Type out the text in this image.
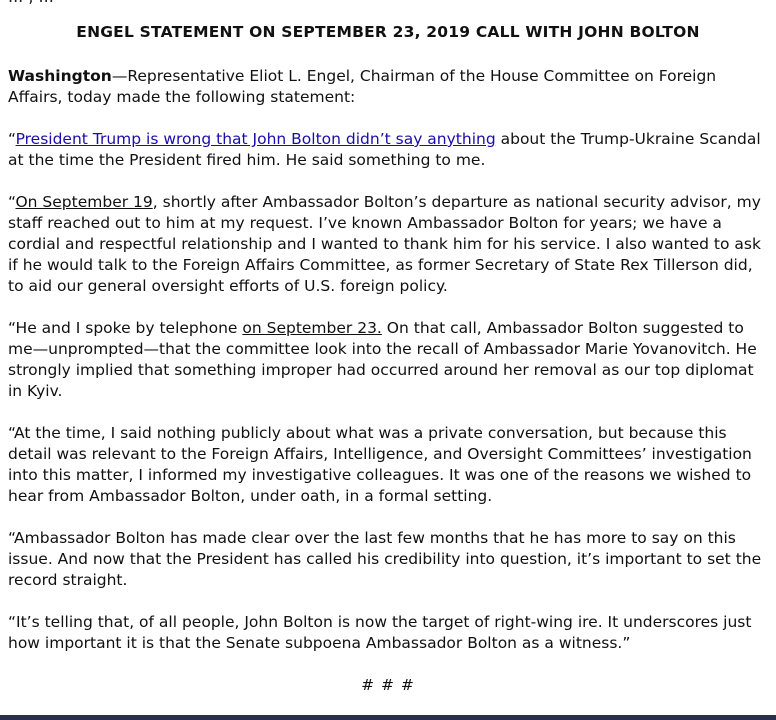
ENGEL STATEMENT ON SEPTEMBER 23, 2019 CALL WITH JOHN BOLTON

Washington—Representative Eliot L. Engel, Chairman of the House Committee on Foreign Affairs, today made the following statement:

“President Trump is wrong that John Bolton didn’t say anything about the Trump-Ukraine Scandal at the time the President fired him. He said something to me.

“On September 19, shortly after Ambassador Bolton’s departure as national security advisor, my staff reached out to him at my request. I’ve known Ambassador Bolton for years; we have a cordial and respectful relationship and I wanted to thank him for his service. I also wanted to ask if he would talk to the Foreign Affairs Committee, as former Secretary of State Rex Tillerson did, to aid our general oversight efforts of U.S. foreign policy.

“He and I spoke by telephone on September 23. On that call, Ambassador Bolton suggested to me—unprompted—that the committee look into the recall of Ambassador Marie Yovanovitch. He strongly implied that something improper had occurred around her removal as our top diplomat in Kyiv.

“At the time, I said nothing publicly about what was a private conversation, but because this detail was relevant to the Foreign Affairs, Intelligence, and Oversight Committees’ investigation into this matter, I informed my investigative colleagues. It was one of the reasons we wished to hear from Ambassador Bolton, under oath, in a formal setting.

“Ambassador Bolton has made clear over the last few months that he has more to say on this issue. And now that the President has called his credibility into question, it’s important to set the record straight.

“It’s telling that, of all people, John Bolton is now the target of right-wing ire. It underscores just how important it is that the Senate subpoena Ambassador Bolton as a witness.”

# # #
